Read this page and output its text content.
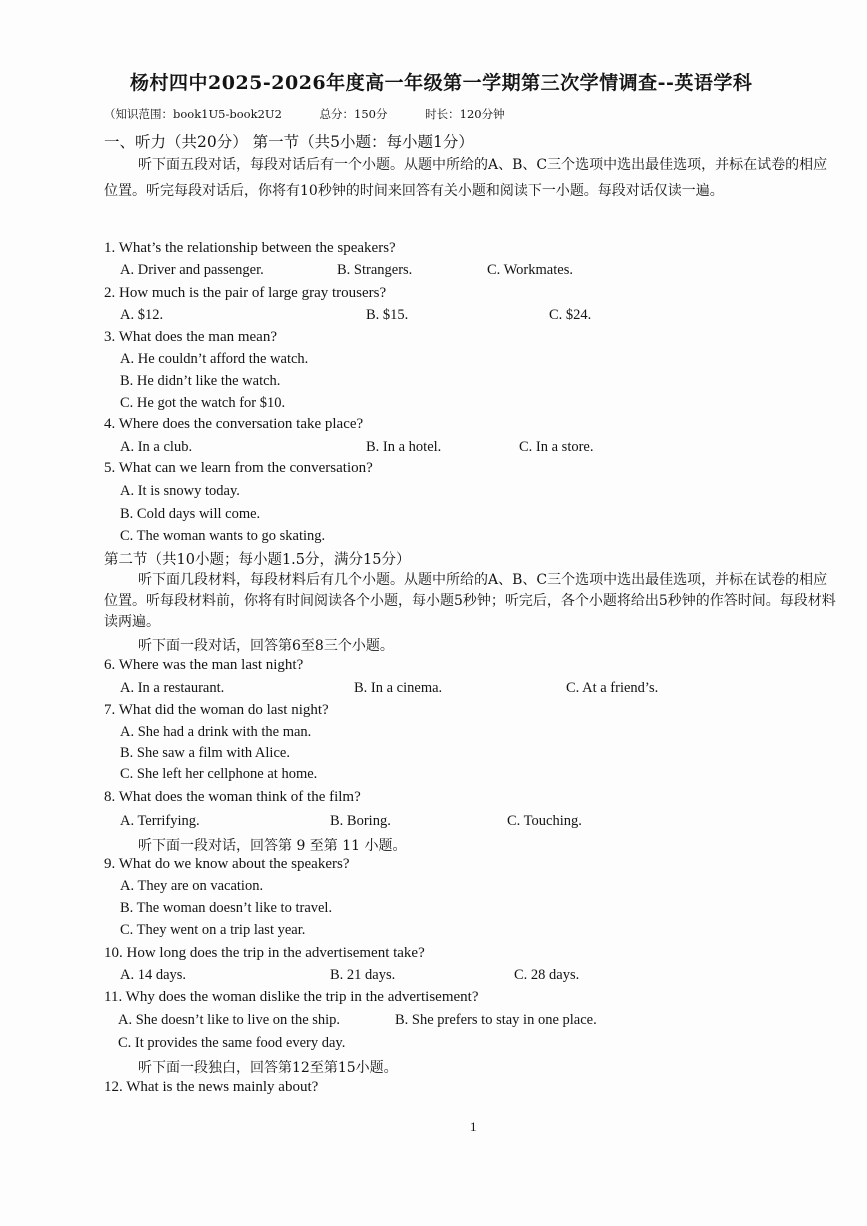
杨村四中2025-2026年度高一年级第一学期第三次学情调查--英语学科
（知识范围：book1U5-book2U2	总分：150分	时长：120分钟
一、听力（共20分） 第一节（共5小题：每小题1分）
听下面五段对话，每段对话后有一个小题。从题中所给的A、B、C三个选项中选出最佳选项，并标在试卷的相应位置。听完每段对话后，你将有10秒钟的时间来回答有关小题和阅读下一小题。每段对话仅读一遍。
1. What’s the relationship between the speakers?
A. Driver and passenger.	B. Strangers.	C. Workmates.
2. How much is the pair of large gray trousers?
A. $12.	B. $15.	C. $24.
3. What does the man mean?
A. He couldn’t afford the watch.
B. He didn’t like the watch.
C. He got the watch for $10.
4. Where does the conversation take place?
A. In a club.	B. In a hotel.	C. In a store.
5. What can we learn from the conversation?
A. It is snowy today.
B. Cold days will come.
C. The woman wants to go skating.
第二节（共10小题；每小题1.5分，满分15分）
听下面几段材料，每段材料后有几个小题。从题中所给的A、B、C三个选项中选出最佳选项，并标在试卷的相应位置。听每段材料前，你将有时间阅读各个小题，每小题5秒钟；听完后，各个小题将给出5秒钟的作答时间。每段材料读两遍。
听下面一段对话，回答第6至8三个小题。
6. Where was the man last night?
A. In a restaurant.	B. In a cinema.	C. At a friend’s.
7. What did the woman do last night?
A. She had a drink with the man.
B. She saw a film with Alice.
C. She left her cellphone at home.
8. What does the woman think of the film?
A. Terrifying.	B. Boring.	C. Touching.
听下面一段对话，回答第 9 至第 11 小题。
9. What do we know about the speakers?
A. They are on vacation.
B. The woman doesn’t like to travel.
C. They went on a trip last year.
10. How long does the trip in the advertisement take?
A. 14 days.	B. 21 days.	C. 28 days.
11. Why does the woman dislike the trip in the advertisement?
A. She doesn’t like to live on the ship.	B. She prefers to stay in one place.
C. It provides the same food every day.
听下面一段独白，回答第12至第15小题。
12. What is the news mainly about?
1
